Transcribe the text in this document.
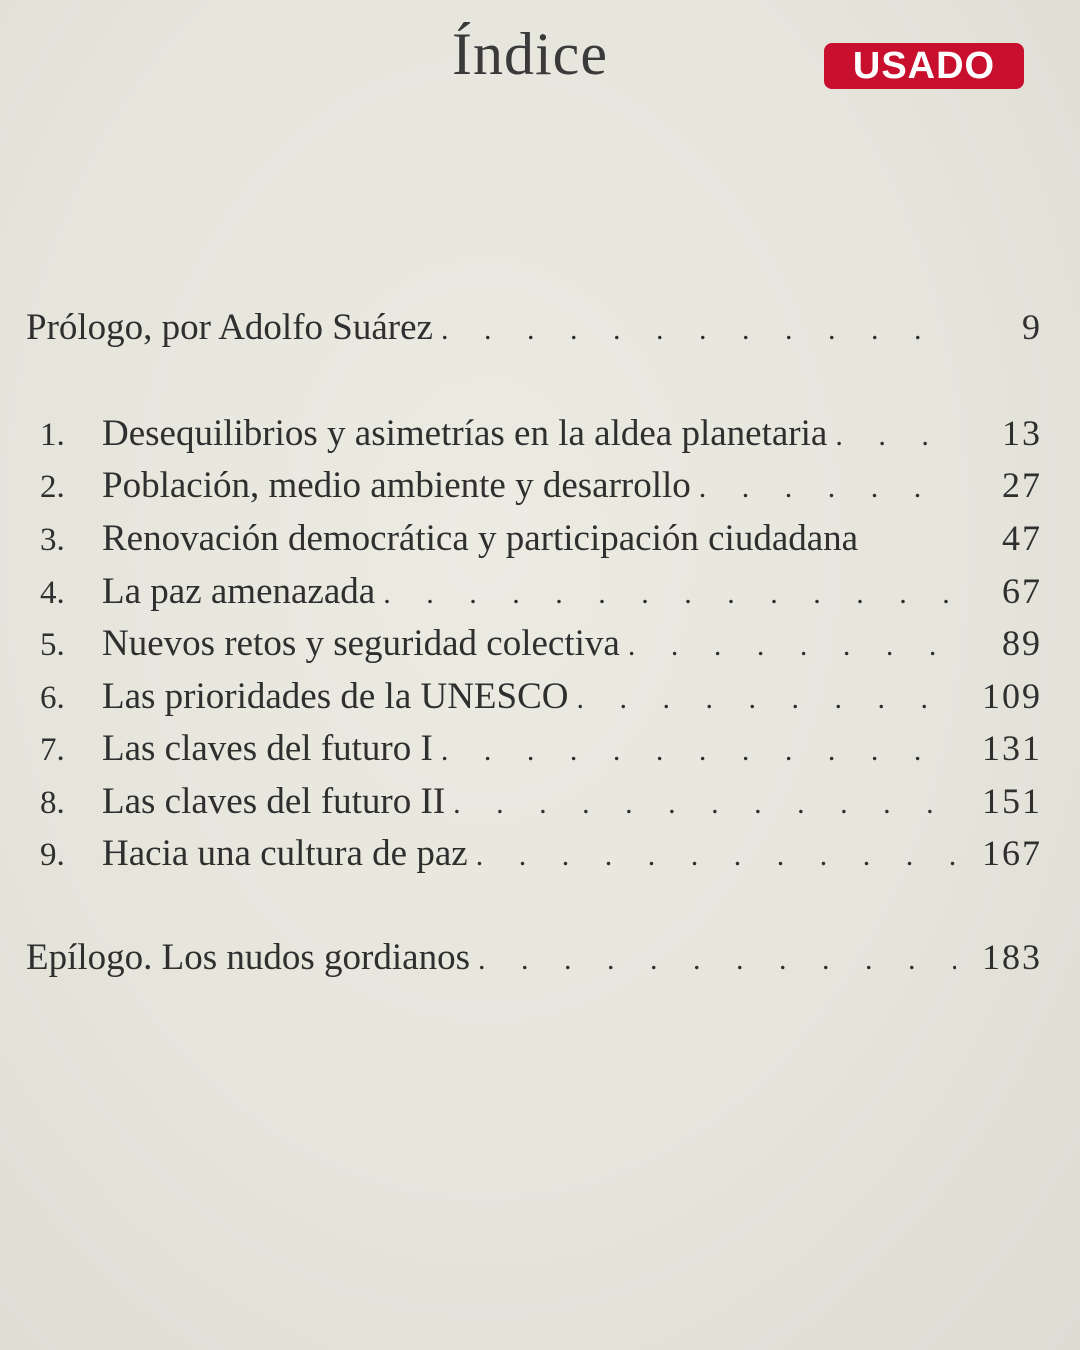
Índice	USADO
Prólogo, por Adolfo Suárez . . .	9
1.	Desequilibrios y asimetrías en la aldea planetaria . . .	13
2.	Población, medio ambiente y desarrollo . . .	27
3.	Renovación democrática y participación ciudadana	47
4.	La paz amenazada . . .	67
5.	Nuevos retos y seguridad colectiva . . .	89
6.	Las prioridades de la UNESCO . . .	109
7.	Las claves del futuro I . . .	131
8.	Las claves del futuro II . . .	151
9.	Hacia una cultura de paz . . .	167
Epílogo. Los nudos gordianos . . .	183
